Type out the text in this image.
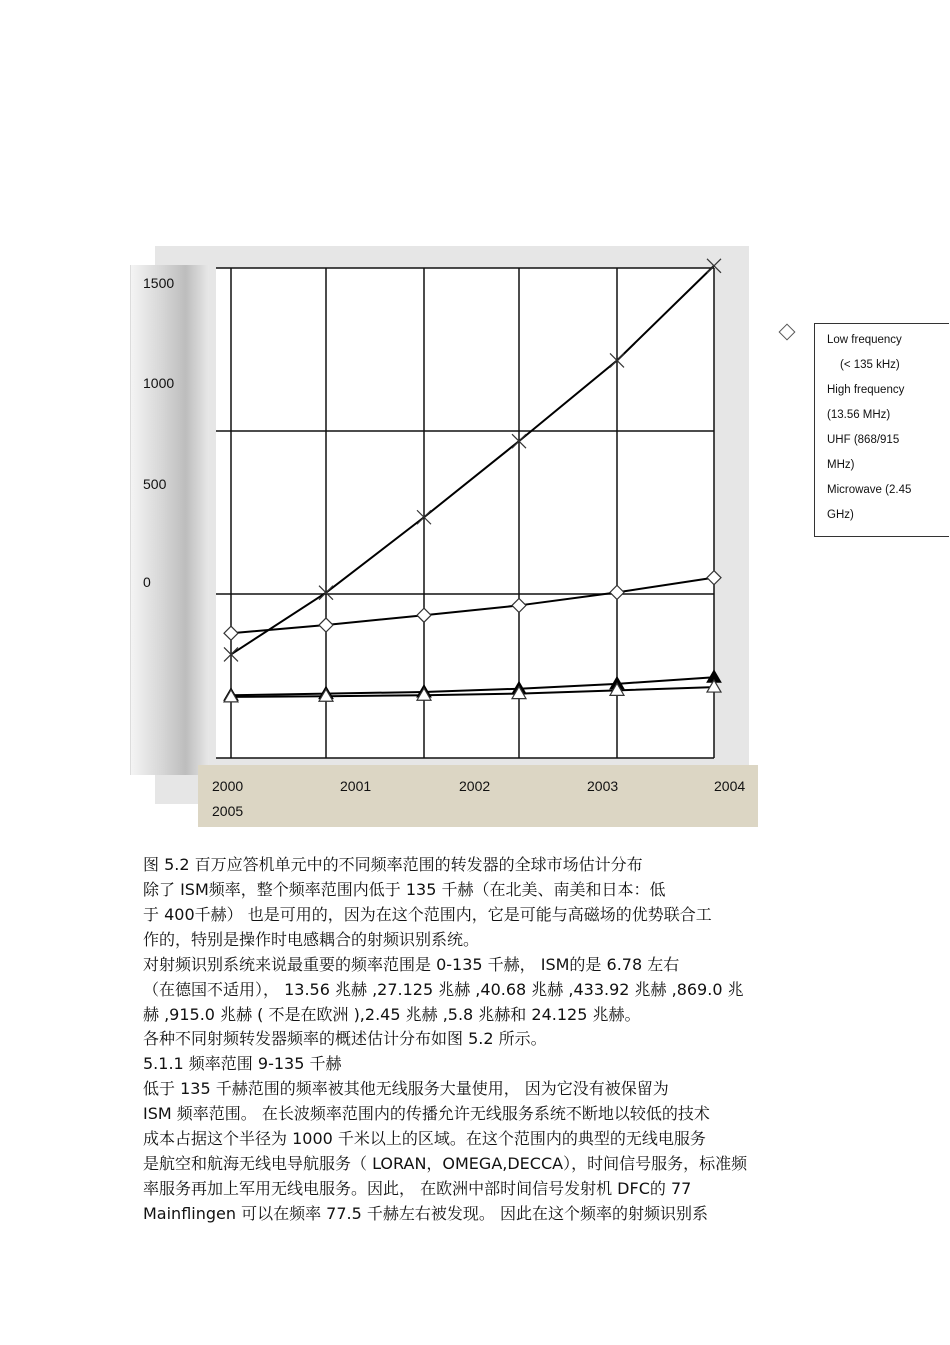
1500
1000
500
0
2000	2001	2002	2003	2004
2005
Low frequency
(< 135 kHz)
High frequency
(13.56 MHz)
UHF (868/915
MHz)
Microwave (2.45
GHz)
图 5.2 百万应答机单元中的不同频率范围的转发器的全球市场估计分布
除了 ISM频率，整个频率范围内低于 135 千赫（在北美、南美和日本：低
于 400千赫） 也是可用的，因为在这个范围内，它是可能与高磁场的优势联合工
作的，特别是操作时电感耦合的射频识别系统。
对射频识别系统来说最重要的频率范围是 0-135 千赫， ISM的是 6.78 左右
（在德国不适用）， 13.56 兆赫 ,27.125 兆赫 ,40.68 兆赫 ,433.92 兆赫 ,869.0 兆
赫 ,915.0 兆赫 ( 不是在欧洲 ),2.45 兆赫 ,5.8 兆赫和 24.125 兆赫。
各种不同射频转发器频率的概述估计分布如图 5.2 所示。
5.1.1 频率范围 9-135 千赫
低于 135 千赫范围的频率被其他无线服务大量使用， 因为它没有被保留为
ISM 频率范围。 在长波频率范围内的传播允许无线服务系统不断地以较低的技术
成本占据这个半径为 1000 千米以上的区域。在这个范围内的典型的无线电服务
是航空和航海无线电导航服务（ LORAN，OMEGA,DECCA），时间信号服务，标准频
率服务再加上军用无线电服务。因此， 在欧洲中部时间信号发射机 DFC的 77
Mainflingen 可以在频率 77.5 千赫左右被发现。 因此在这个频率的射频识别系
